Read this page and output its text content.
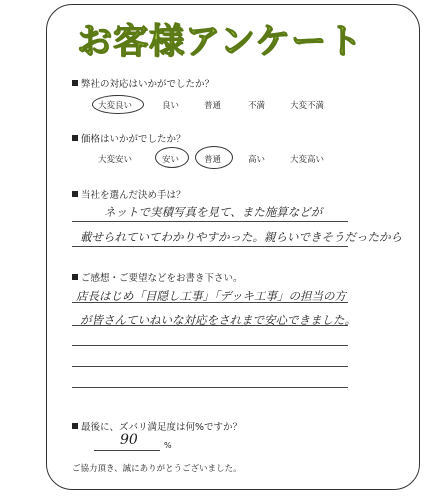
お客様アンケート
弊社の対応はいかがでしたか？
大変良い	良い	普通	不満	大変不満
価格はいかがでしたか？
大変安い	安い	普通	高い	大変高い
当社を選んだ決め手は？
ネットで実積写真を見て、また施算などが
載せられていてわかりやすかった。親らいできそうだったから
ご感想・ご要望などをお書き下さい。
店長はじめ「目隠し工事」「デッキ工事」の担当の方
が皆さんていねいな対応をされまで安心できました。
最後に、ズバリ満足度は何%ですか？
90	%
ご協力頂き、誠にありがとうございました。
